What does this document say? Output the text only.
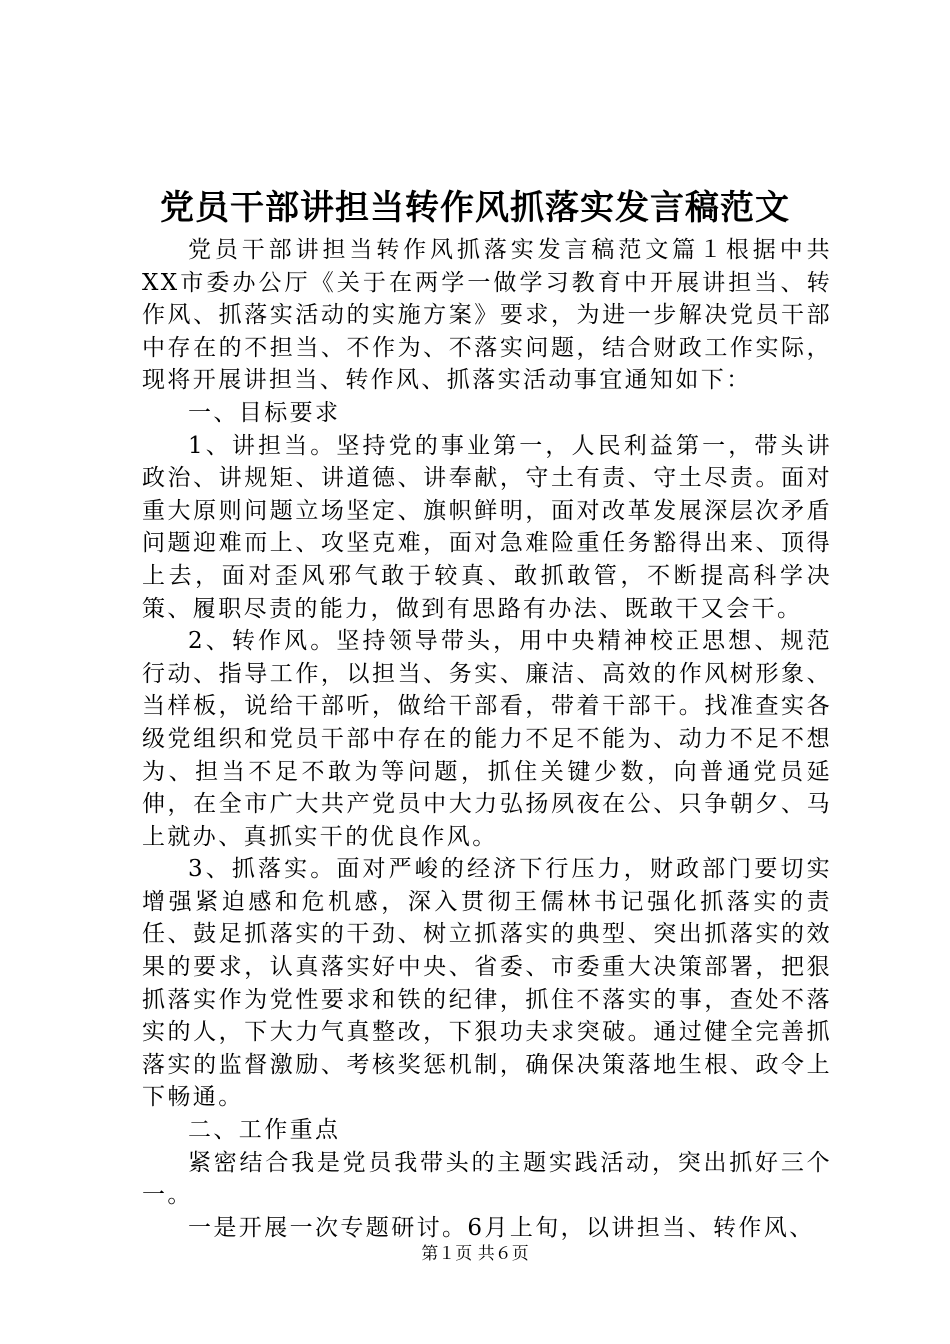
党员干部讲担当转作风抓落实发言稿范文

党员干部讲担当转作风抓落实发言稿范文篇１根据中共XX市委办公厅《关于在两学一做学习教育中开展讲担当、转作风、抓落实活动的实施方案》要求，为进一步解决党员干部中存在的不担当、不作为、不落实问题，结合财政工作实际，现将开展讲担当、转作风、抓落实活动事宜通知如下：

一、目标要求

1、讲担当。坚持党的事业第一，人民利益第一，带头讲政治、讲规矩、讲道德、讲奉献，守土有责、守土尽责。面对重大原则问题立场坚定、旗帜鲜明，面对改革发展深层次矛盾问题迎难而上、攻坚克难，面对急难险重任务豁得出来、顶得上去，面对歪风邪气敢于较真、敢抓敢管，不断提高科学决策、履职尽责的能力，做到有思路有办法、既敢干又会干。

2、转作风。坚持领导带头，用中央精神校正思想、规范行动、指导工作，以担当、务实、廉洁、高效的作风树形象、当样板，说给干部听，做给干部看，带着干部干。找准查实各级党组织和党员干部中存在的能力不足不能为、动力不足不想为、担当不足不敢为等问题，抓住关键少数，向普通党员延伸，在全市广大共产党员中大力弘扬夙夜在公、只争朝夕、马上就办、真抓实干的优良作风。

3、抓落实。面对严峻的经济下行压力，财政部门要切实增强紧迫感和危机感，深入贯彻王儒林书记强化抓落实的责任、鼓足抓落实的干劲、树立抓落实的典型、突出抓落实的效果的要求，认真落实好中央、省委、市委重大决策部署，把狠抓落实作为党性要求和铁的纪律，抓住不落实的事，查处不落实的人，下大力气真整改，下狠功夫求突破。通过健全完善抓落实的监督激励、考核奖惩机制，确保决策落地生根、政令上下畅通。

二、工作重点

紧密结合我是党员我带头的主题实践活动，突出抓好三个一。

一是开展一次专题研讨。6月上旬，以讲担当、转作风、

第１页 共６页
